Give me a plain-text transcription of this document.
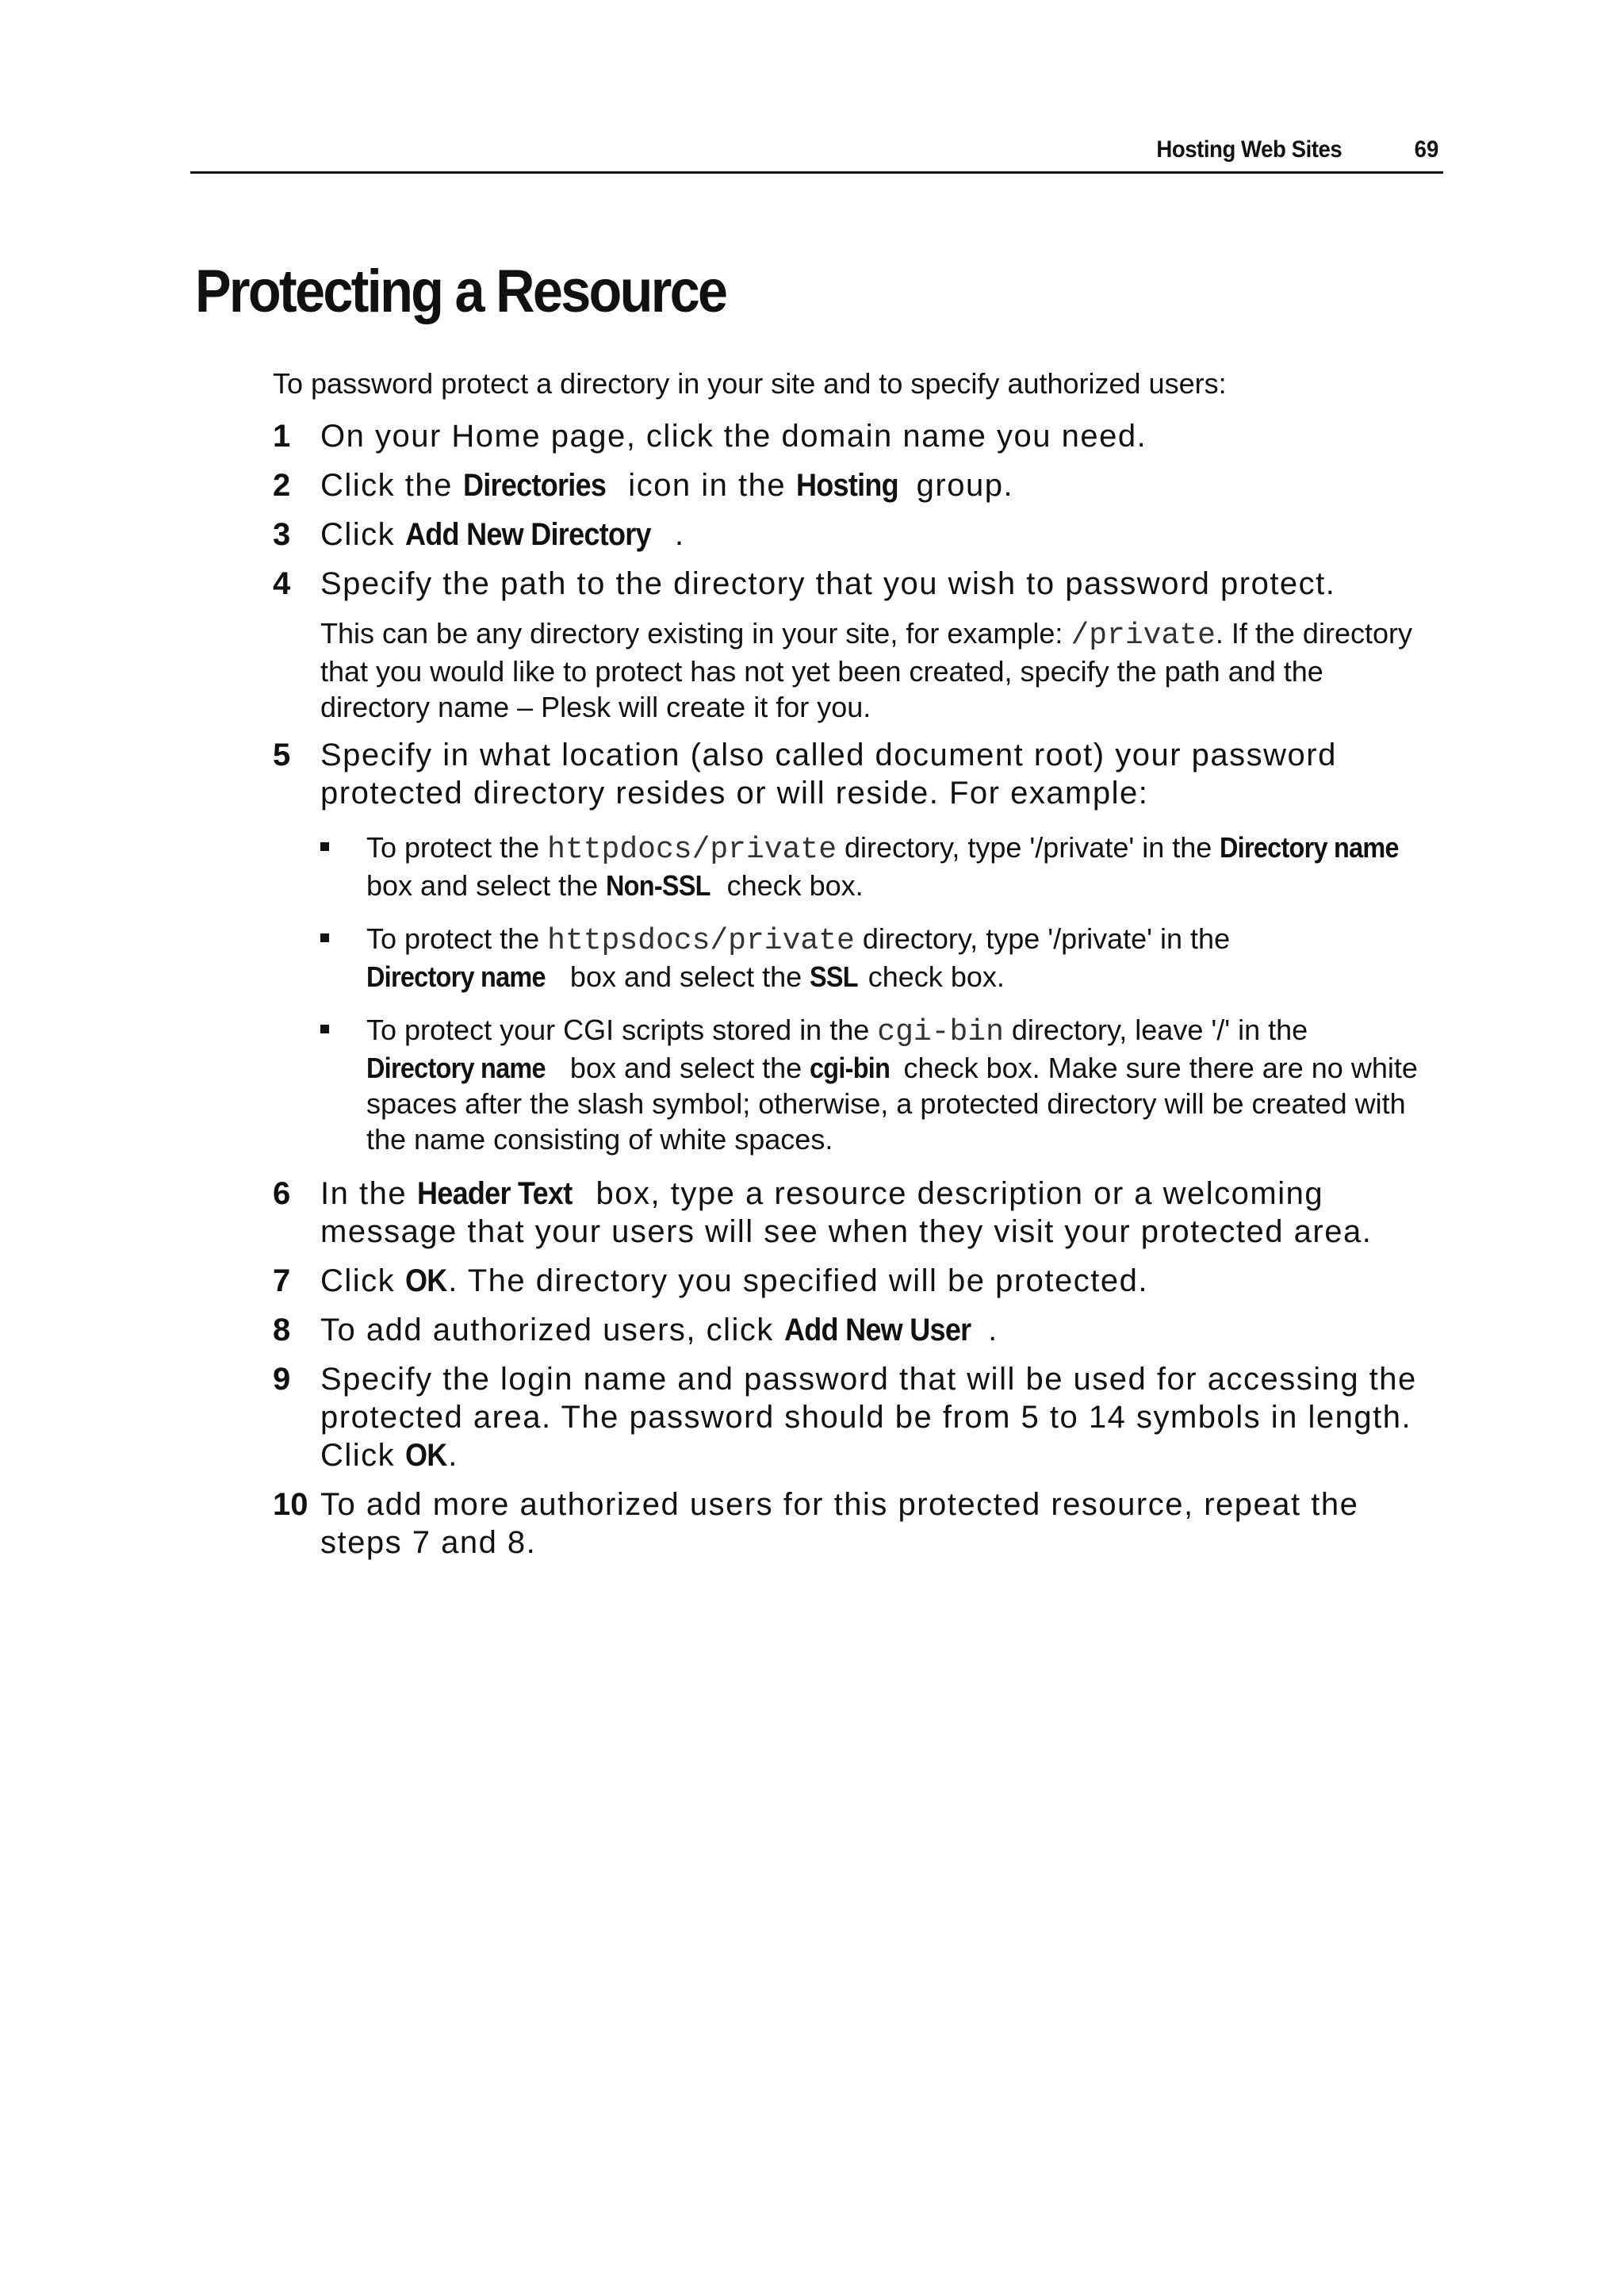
Hosting Web Sites	69
Protecting a Resource

To password protect a directory in your site and to specify authorized users:

1 On your Home page, click the domain name you need.
2 Click the Directories icon in the Hosting group.
3 Click Add New Directory .
4 Specify the path to the directory that you wish to password protect.
This can be any directory existing in your site, for example: /private. If the directory that you would like to protect has not yet been created, specify the path and the directory name – Plesk will create it for you.
5 Specify in what location (also called document root) your password protected directory resides or will reside. For example:
To protect the httpdocs/private directory, type '/private' in the Directory name box and select the Non-SSL check box.
To protect the httpsdocs/private directory, type '/private' in the Directory name box and select the SSL check box.
To protect your CGI scripts stored in the cgi-bin directory, leave '/' in the Directory name box and select the cgi-bin check box. Make sure there are no white spaces after the slash symbol; otherwise, a protected directory will be created with the name consisting of white spaces.
6 In the Header Text box, type a resource description or a welcoming message that your users will see when they visit your protected area.
7 Click OK. The directory you specified will be protected.
8 To add authorized users, click Add New User .
9 Specify the login name and password that will be used for accessing the protected area. The password should be from 5 to 14 symbols in length. Click OK.
10 To add more authorized users for this protected resource, repeat the steps 7 and 8.
